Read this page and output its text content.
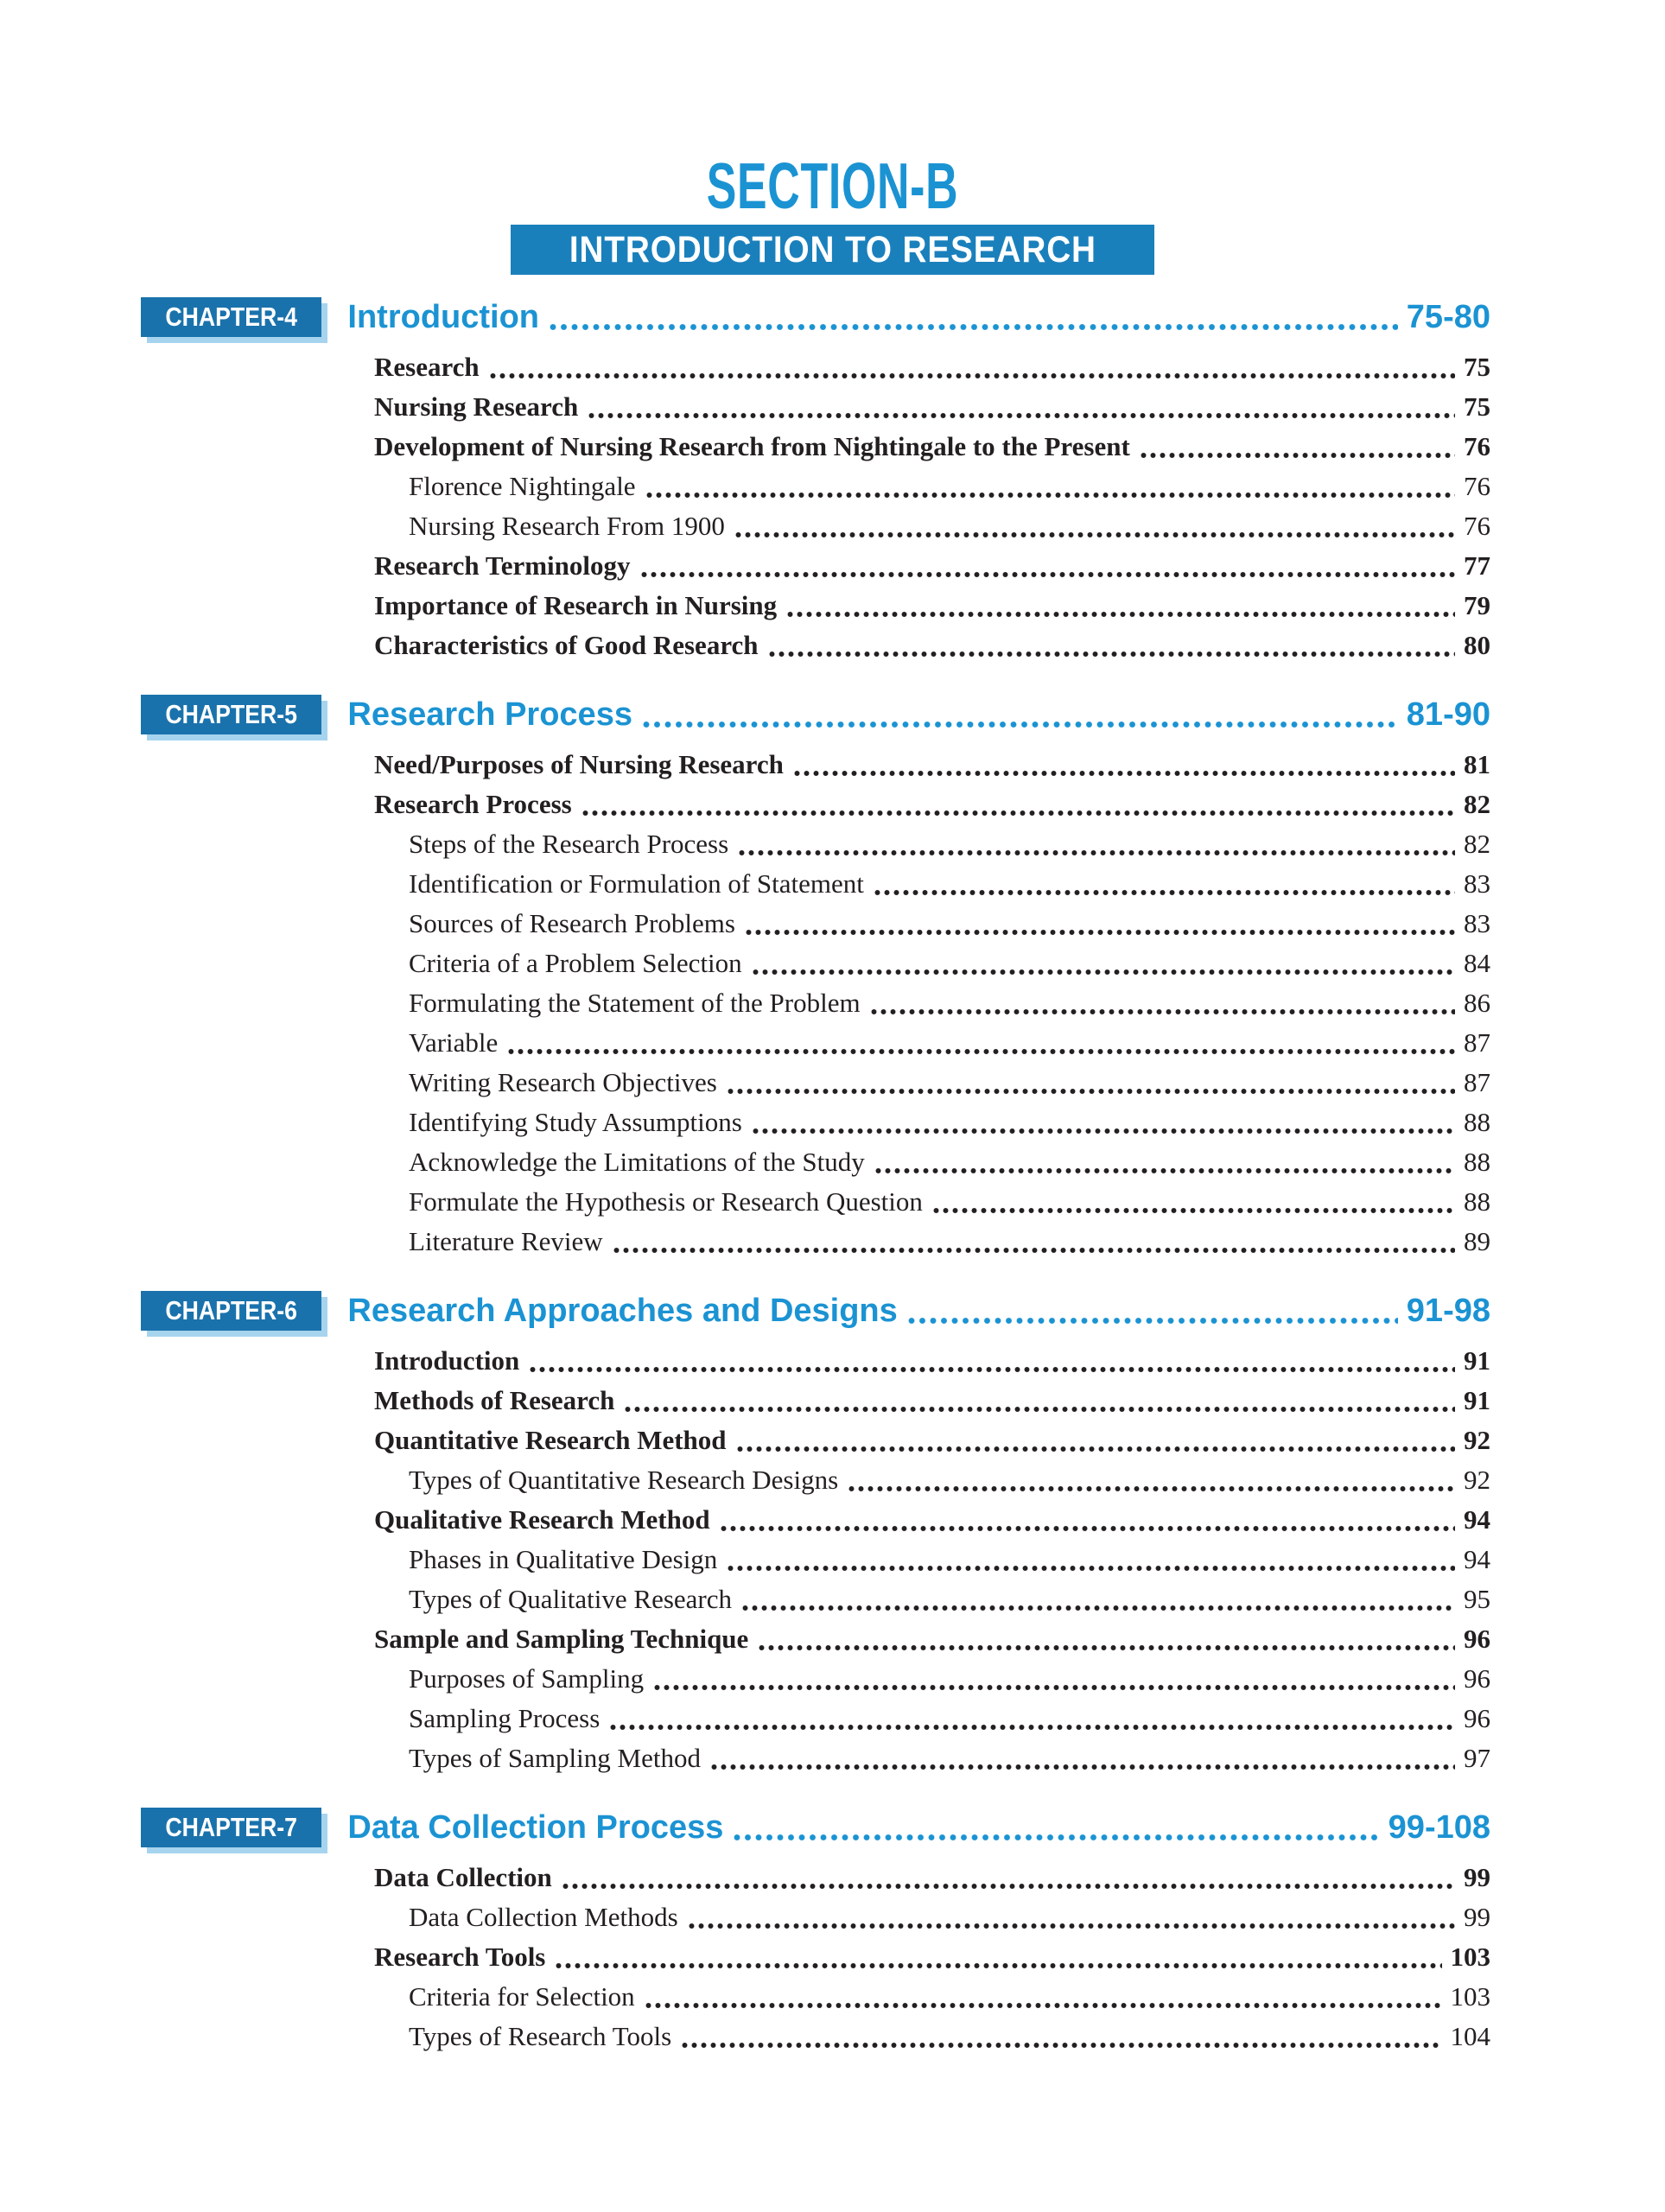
SECTION-B
INTRODUCTION TO RESEARCH
CHAPTER-4	Introduction	75-80
Research	75
Nursing Research	75
Development of Nursing Research from Nightingale to the Present	76
Florence Nightingale	76
Nursing Research From 1900	76
Research Terminology	77
Importance of Research in Nursing	79
Characteristics of Good Research	80
CHAPTER-5	Research Process	81-90
Need/Purposes of Nursing Research	81
Research Process	82
Steps of the Research Process	82
Identification or Formulation of Statement	83
Sources of Research Problems	83
Criteria of a Problem Selection	84
Formulating the Statement of the Problem	86
Variable	87
Writing Research Objectives	87
Identifying Study Assumptions	88
Acknowledge the Limitations of the Study	88
Formulate the Hypothesis or Research Question	88
Literature Review	89
CHAPTER-6	Research Approaches and Designs	91-98
Introduction	91
Methods of Research	91
Quantitative Research Method	92
Types of Quantitative Research Designs	92
Qualitative Research Method	94
Phases in Qualitative Design	94
Types of Qualitative Research	95
Sample and Sampling Technique	96
Purposes of Sampling	96
Sampling Process	96
Types of Sampling Method	97
CHAPTER-7	Data Collection Process	99-108
Data Collection	99
Data Collection Methods	99
Research Tools	103
Criteria for Selection	103
Types of Research Tools	104
